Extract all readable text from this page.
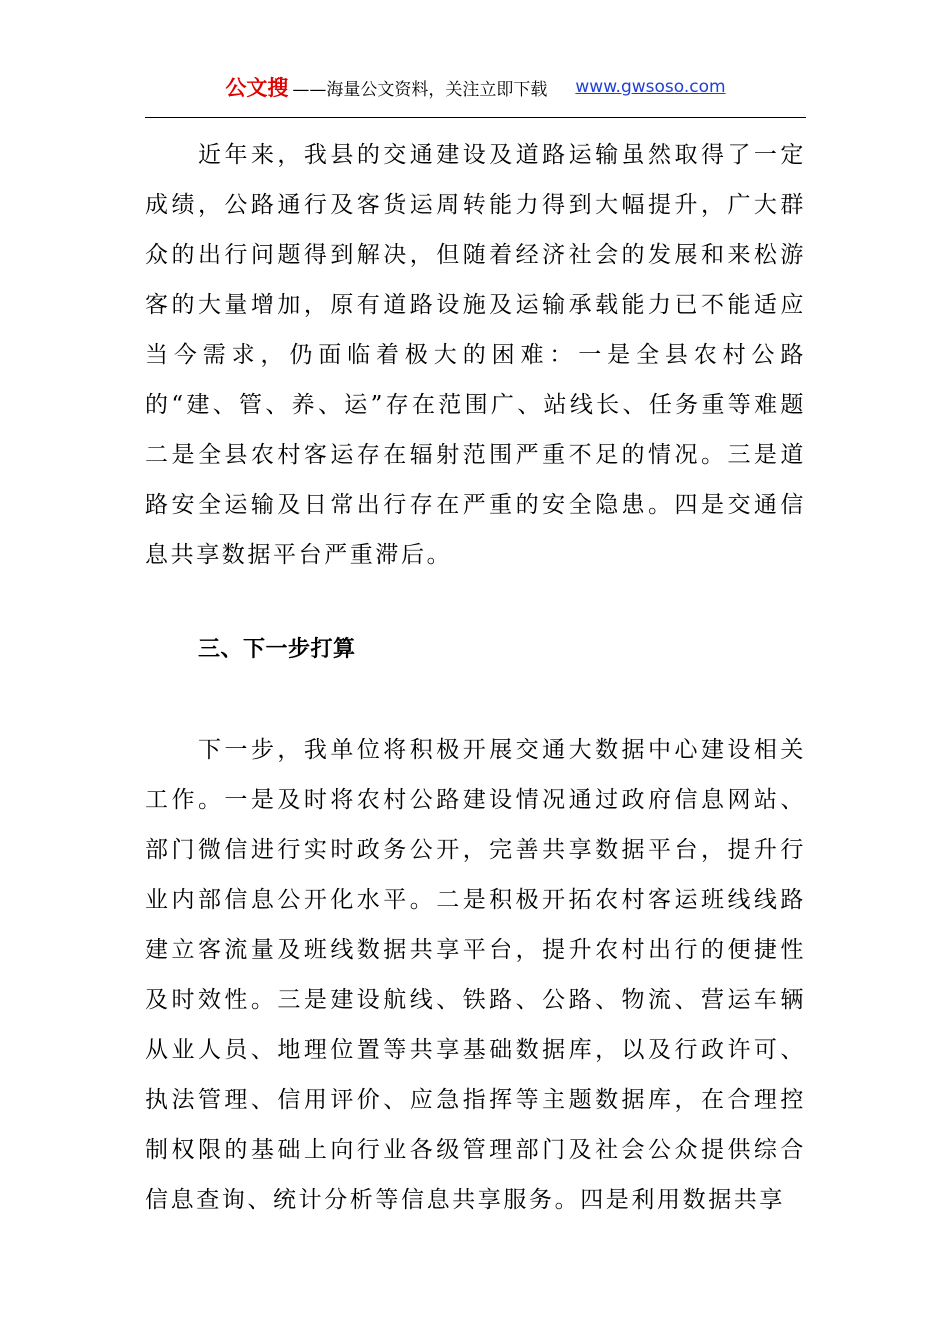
公文搜 ——海量公文资料，关注立即下载 www.gwsoso.com

近年来，我县的交通建设及道路运输虽然取得了一定成绩，公路通行及客货运周转能力得到大幅提升，广大群众的出行问题得到解决，但随着经济社会的发展和来松游客的大量增加，原有道路设施及运输承载能力已不能适应当今需求，仍面临着极大的困难：一是全县农村公路的“建、管、养、运”存在范围广、站线长、任务重等难题二是全县农村客运存在辐射范围严重不足的情况。三是道路安全运输及日常出行存在严重的安全隐患。四是交通信息共享数据平台严重滞后。

三、下一步打算

下一步，我单位将积极开展交通大数据中心建设相关工作。一是及时将农村公路建设情况通过政府信息网站、部门微信进行实时政务公开，完善共享数据平台，提升行业内部信息公开化水平。二是积极开拓农村客运班线线路建立客流量及班线数据共享平台，提升农村出行的便捷性及时效性。三是建设航线、铁路、公路、物流、营运车辆从业人员、地理位置等共享基础数据库，以及行政许可、执法管理、信用评价、应急指挥等主题数据库，在合理控制权限的基础上向行业各级管理部门及社会公众提供综合信息查询、统计分析等信息共享服务。四是利用数据共享
